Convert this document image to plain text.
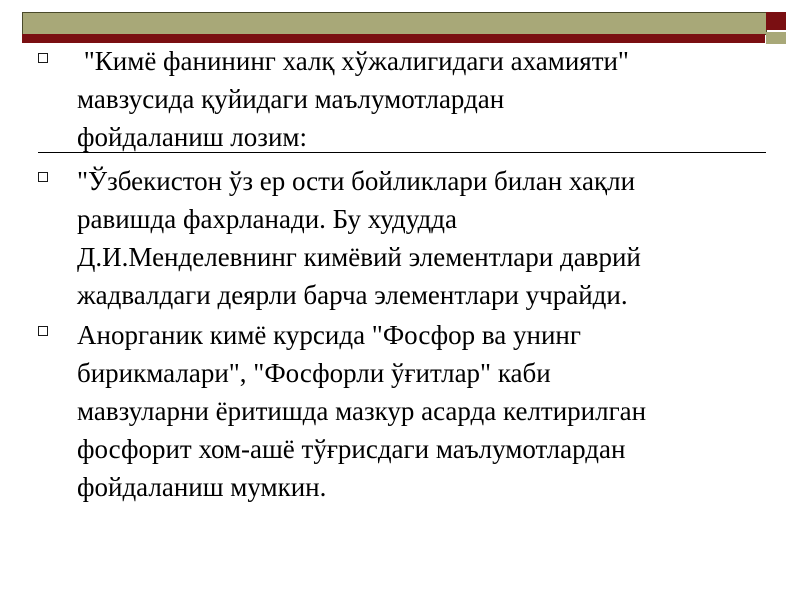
"Кимё фанининг халқ хўжалигидаги ахамияти"
мавзусида қуйидаги маълумотлардан
фойдаланиш лозим:
"Ўзбекистон ўз ер ости бойликлари билан хақли
равишда фахрланади. Бу худудда
Д.И.Менделевнинг кимёвий элементлари даврий
жадвалдаги деярли барча элементлари учрайди.
Анорганик кимё курсида "Фосфор ва унинг
бирикмалари", "Фосфорли ўғитлар" каби
мавзуларни ёритишда мазкур асарда келтирилган
фосфорит хом-ашё тўғрисдаги маълумотлардан
фойдаланиш мумкин.
